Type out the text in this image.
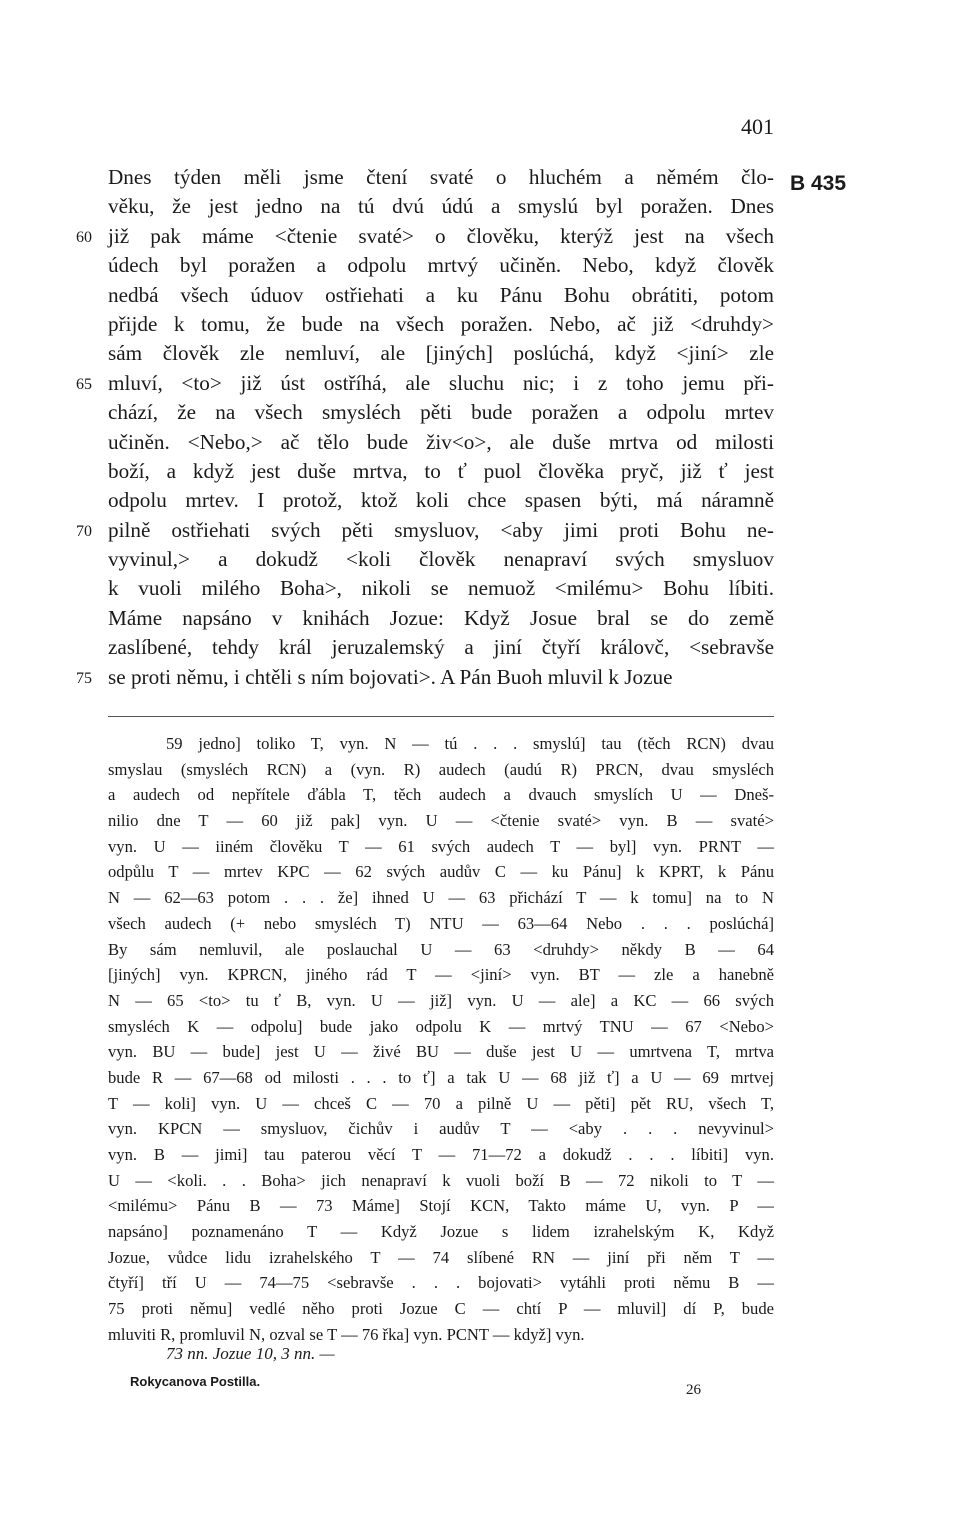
401
B 435
Dnes týden měli jsme čtení svaté o hluchém a němém člo-
věku, že jest jedno na tú dvú údú a smyslú byl poražen. Dnes
již pak máme <čtenie svaté> o člověku, kterýž jest na všech
60
údech byl poražen a odpolu mrtvý učiněn. Nebo, když člověk
nedbá všech úduov ostřiehati a ku Pánu Bohu obrátiti, potom
přijde k tomu, že bude na všech poražen. Nebo, ač již <druhdy>
sám člověk zle nemluví, ale [jiných] poslúchá, když <jiní> zle
mluví, <to> již úst ostříhá, ale sluchu nic; i z toho jemu při-
65
chází, že na všech smysléch pěti bude poražen a odpolu mrtev
učiněn. <Nebo,> ač tělo bude živ<o>, ale duše mrtva od milosti
boží, a když jest duše mrtva, to ť puol člověka pryč, již ť jest
odpolu mrtev. I protož, ktož koli chce spasen býti, má náramně
pilně ostřiehati svých pěti smysluov, <aby jimi proti Bohu ne-
70
vyvinul,> a dokudž <koli člověk nenapraví svých smysluov
k vuoli milého Boha>, nikoli se nemuož <milému> Bohu líbiti.
Máme napsáno v knihách Jozue: Když Josue bral se do země
zaslíbené, tehdy král jeruzalemský a jiní čtyří královč, <sebravše
se proti němu, i chtěli s ním bojovati>. A Pán Buoh mluvil k Jozue
75
59 jedno] toliko T, vyn. N — tú . . . smyslú] tau (těch RCN) dvau
smyslau (smysléch RCN) a (vyn. R) audech (audú R) PRCN, dvau smysléch
a audech od nepřítele ďábla T, těch audech a dvauch smyslích U — Dneš-
nilio dne T — 60 již pak] vyn. U — <čtenie svaté> vyn. B — svaté>
vyn. U — iiném člověku T — 61 svých audech T — byl] vyn. PRNT —
odpůlu T — mrtev KPC — 62 svých audův C — ku Pánu] k KPRT, k Pánu
N — 62—63 potom . . . že] ihned U — 63 přichází T — k tomu] na to N
všech audech (+ nebo smysléch T) NTU — 63—64 Nebo . . . poslúchá]
By sám nemluvil, ale poslauchal U — 63 <druhdy> někdy B — 64
[jiných] vyn. KPRCN, jiného rád T — <jiní> vyn. BT — zle a hanebně
N — 65 <to> tu ť B, vyn. U — již] vyn. U — ale] a KC — 66 svých
smysléch K — odpolu] bude jako odpolu K — mrtvý TNU — 67 <Nebo>
vyn. BU — bude] jest U — živé BU — duše jest U — umrtvena T, mrtva
bude R — 67—68 od milosti . . . to ť] a tak U — 68 již ť] a U — 69 mrtvej
T — koli] vyn. U — chceš C — 70 a pilně U — pěti] pět RU, všech T,
vyn. KPCN — smysluov, čichův i audův T — <aby . . . nevyvinul>
vyn. B — jimi] tau paterou věcí T — 71—72 a dokudž . . . líbiti] vyn.
U — <koli. . . Boha> jich nenapraví k vuoli boží B — 72 nikoli to T —
<milému> Pánu B — 73 Máme] Stojí KCN, Takto máme U, vyn. P —
napsáno] poznamenáno T — Když Jozue s lidem izrahelským K, Když
Jozue, vůdce lidu izrahelského T — 74 slíbené RN — jiní při něm T —
čtyří] tří U — 74—75 <sebravše . . . bojovati> vytáhli proti němu B —
75 proti němu] vedlé něho proti Jozue C — chtí P — mluvil] dí P, bude
mluviti R, promluvil N, ozval se T — 76 řka] vyn. PCNT — když] vyn.
73 nn. Jozue 10, 3 nn. —
Rokycanova Postilla.
26
